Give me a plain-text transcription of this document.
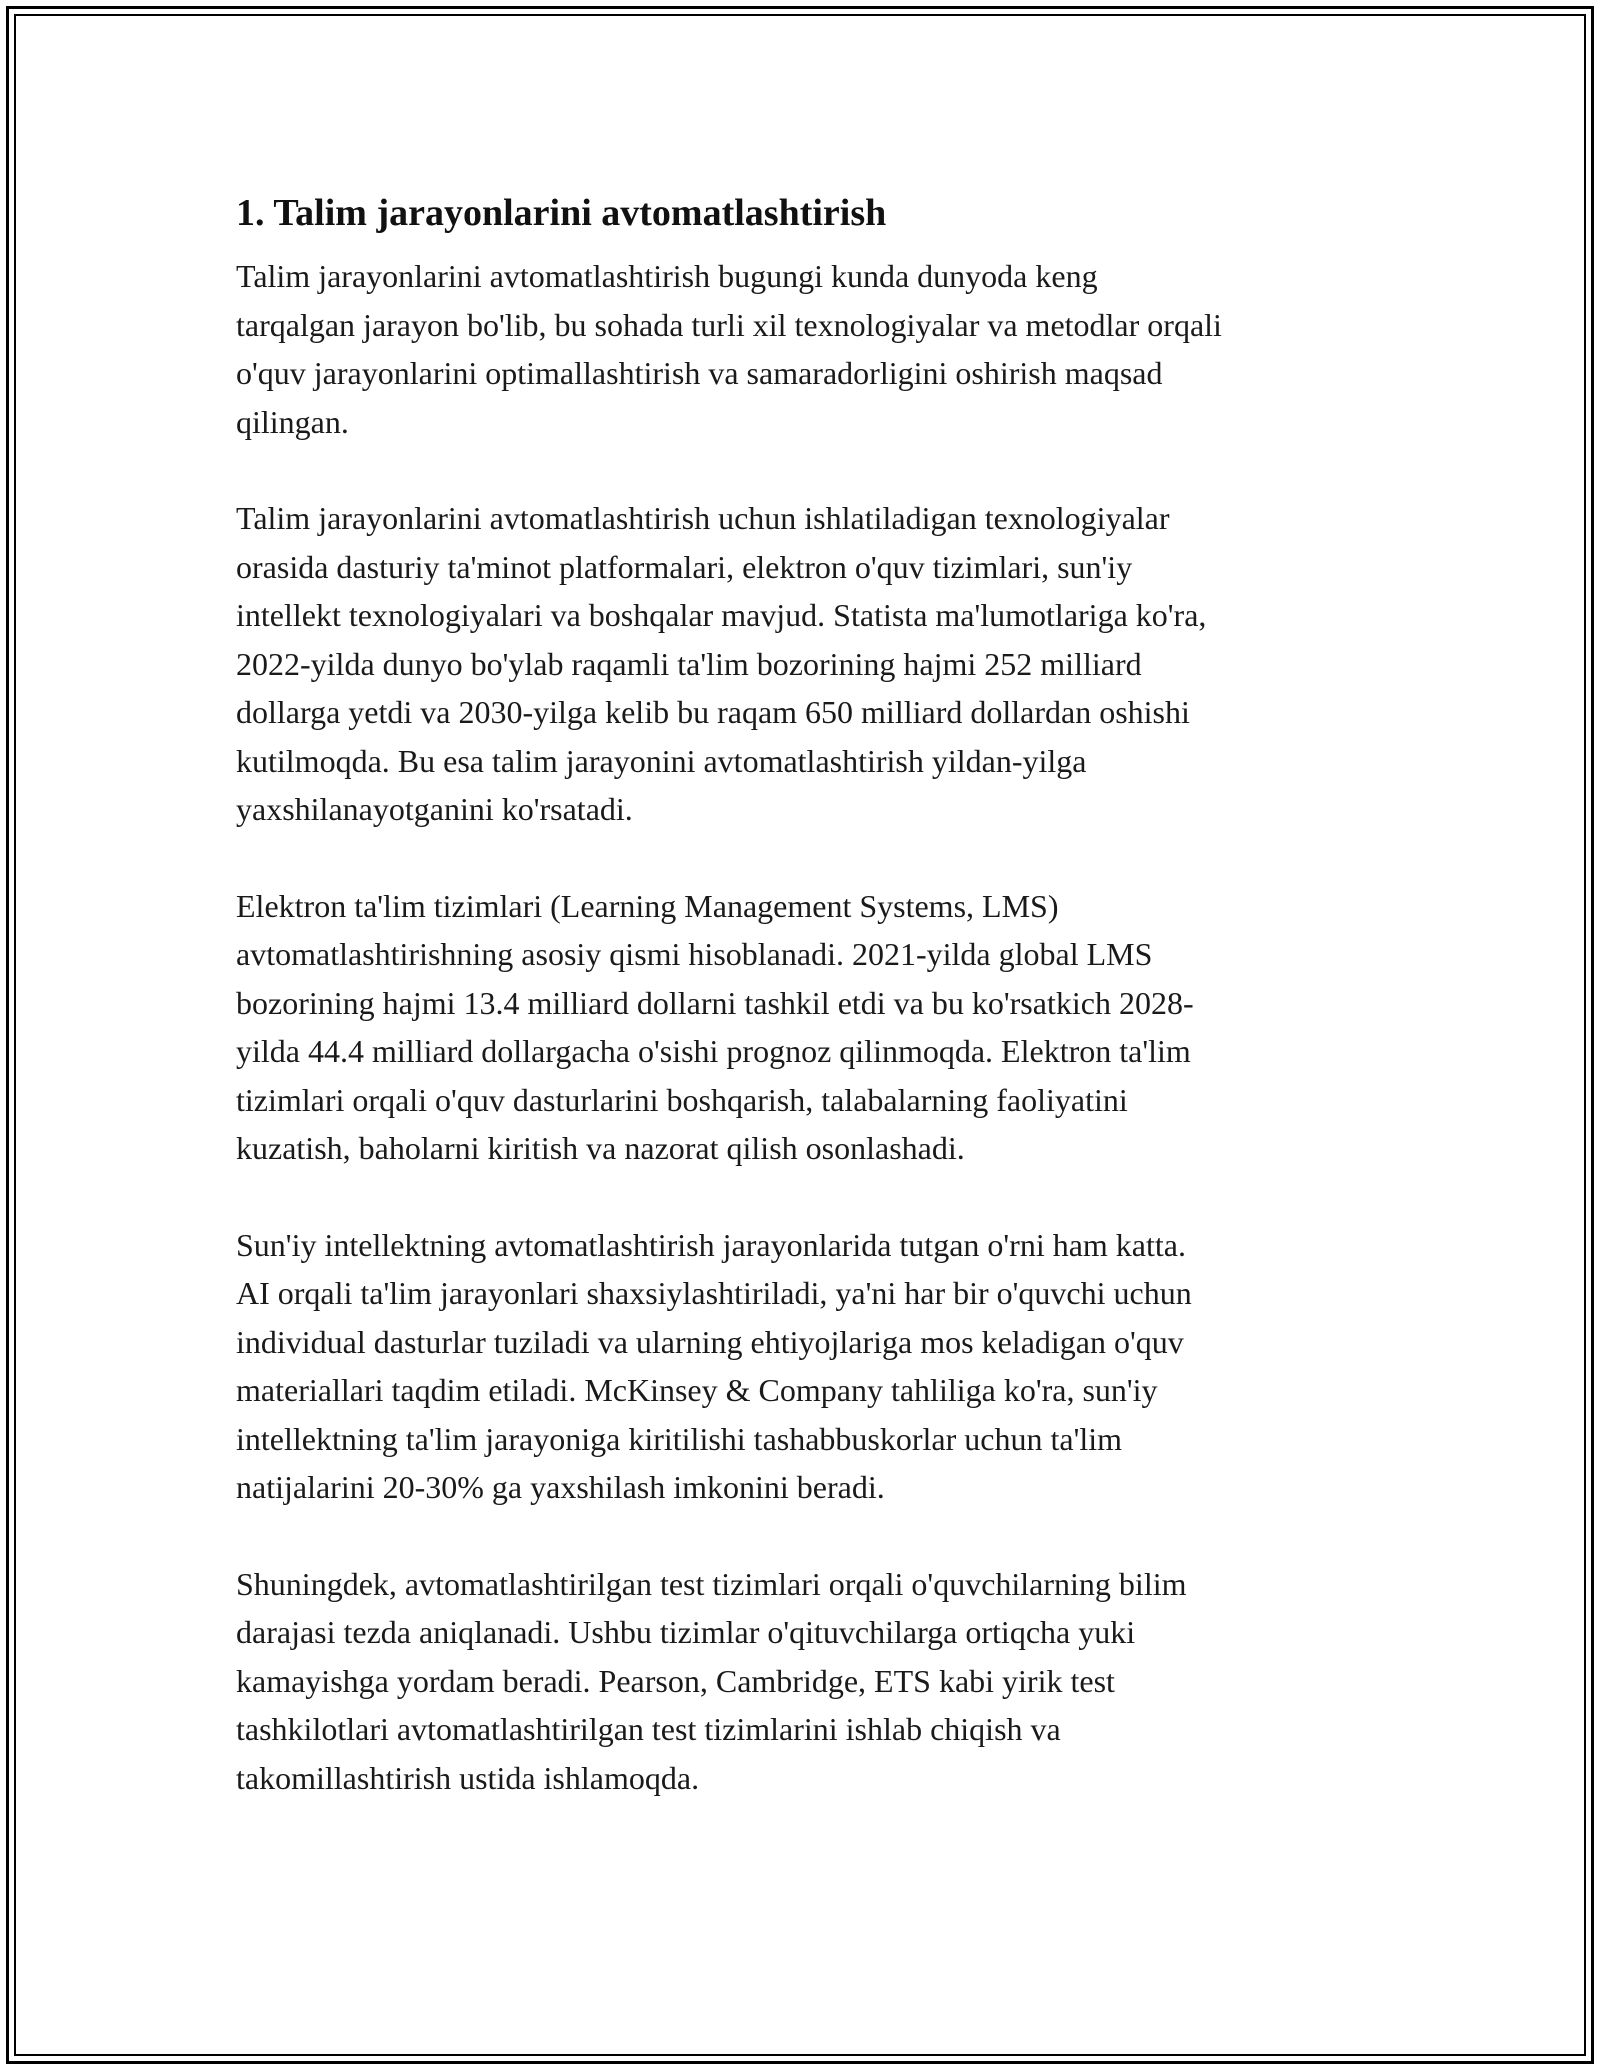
1. Talim jarayonlarini avtomatlashtirish

Talim jarayonlarini avtomatlashtirish bugungi kunda dunyoda keng
tarqalgan jarayon bo'lib, bu sohada turli xil texnologiyalar va metodlar orqali
o'quv jarayonlarini optimallashtirish va samaradorligini oshirish maqsad
qilingan.

Talim jarayonlarini avtomatlashtirish uchun ishlatiladigan texnologiyalar
orasida dasturiy ta'minot platformalari, elektron o'quv tizimlari, sun'iy
intellekt texnologiyalari va boshqalar mavjud. Statista ma'lumotlariga ko'ra,
2022-yilda dunyo bo'ylab raqamli ta'lim bozorining hajmi 252 milliard
dollarga yetdi va 2030-yilga kelib bu raqam 650 milliard dollardan oshishi
kutilmoqda. Bu esa talim jarayonini avtomatlashtirish yildan-yilga
yaxshilanayotganini ko'rsatadi.

Elektron ta'lim tizimlari (Learning Management Systems, LMS)
avtomatlashtirishning asosiy qismi hisoblanadi. 2021-yilda global LMS
bozorining hajmi 13.4 milliard dollarni tashkil etdi va bu ko'rsatkich 2028-
yilda 44.4 milliard dollargacha o'sishi prognoz qilinmoqda. Elektron ta'lim
tizimlari orqali o'quv dasturlarini boshqarish, talabalarning faoliyatini
kuzatish, baholarni kiritish va nazorat qilish osonlashadi.

Sun'iy intellektning avtomatlashtirish jarayonlarida tutgan o'rni ham katta.
AI orqali ta'lim jarayonlari shaxsiylashtiriladi, ya'ni har bir o'quvchi uchun
individual dasturlar tuziladi va ularning ehtiyojlariga mos keladigan o'quv
materiallari taqdim etiladi. McKinsey & Company tahliliga ko'ra, sun'iy
intellektning ta'lim jarayoniga kiritilishi tashabbuskorlar uchun ta'lim
natijalarini 20-30% ga yaxshilash imkonini beradi.

Shuningdek, avtomatlashtirilgan test tizimlari orqali o'quvchilarning bilim
darajasi tezda aniqlanadi. Ushbu tizimlar o'qituvchilarga ortiqcha yuki
kamayishga yordam beradi. Pearson, Cambridge, ETS kabi yirik test
tashkilotlari avtomatlashtirilgan test tizimlarini ishlab chiqish va
takomillashtirish ustida ishlamoqda.
